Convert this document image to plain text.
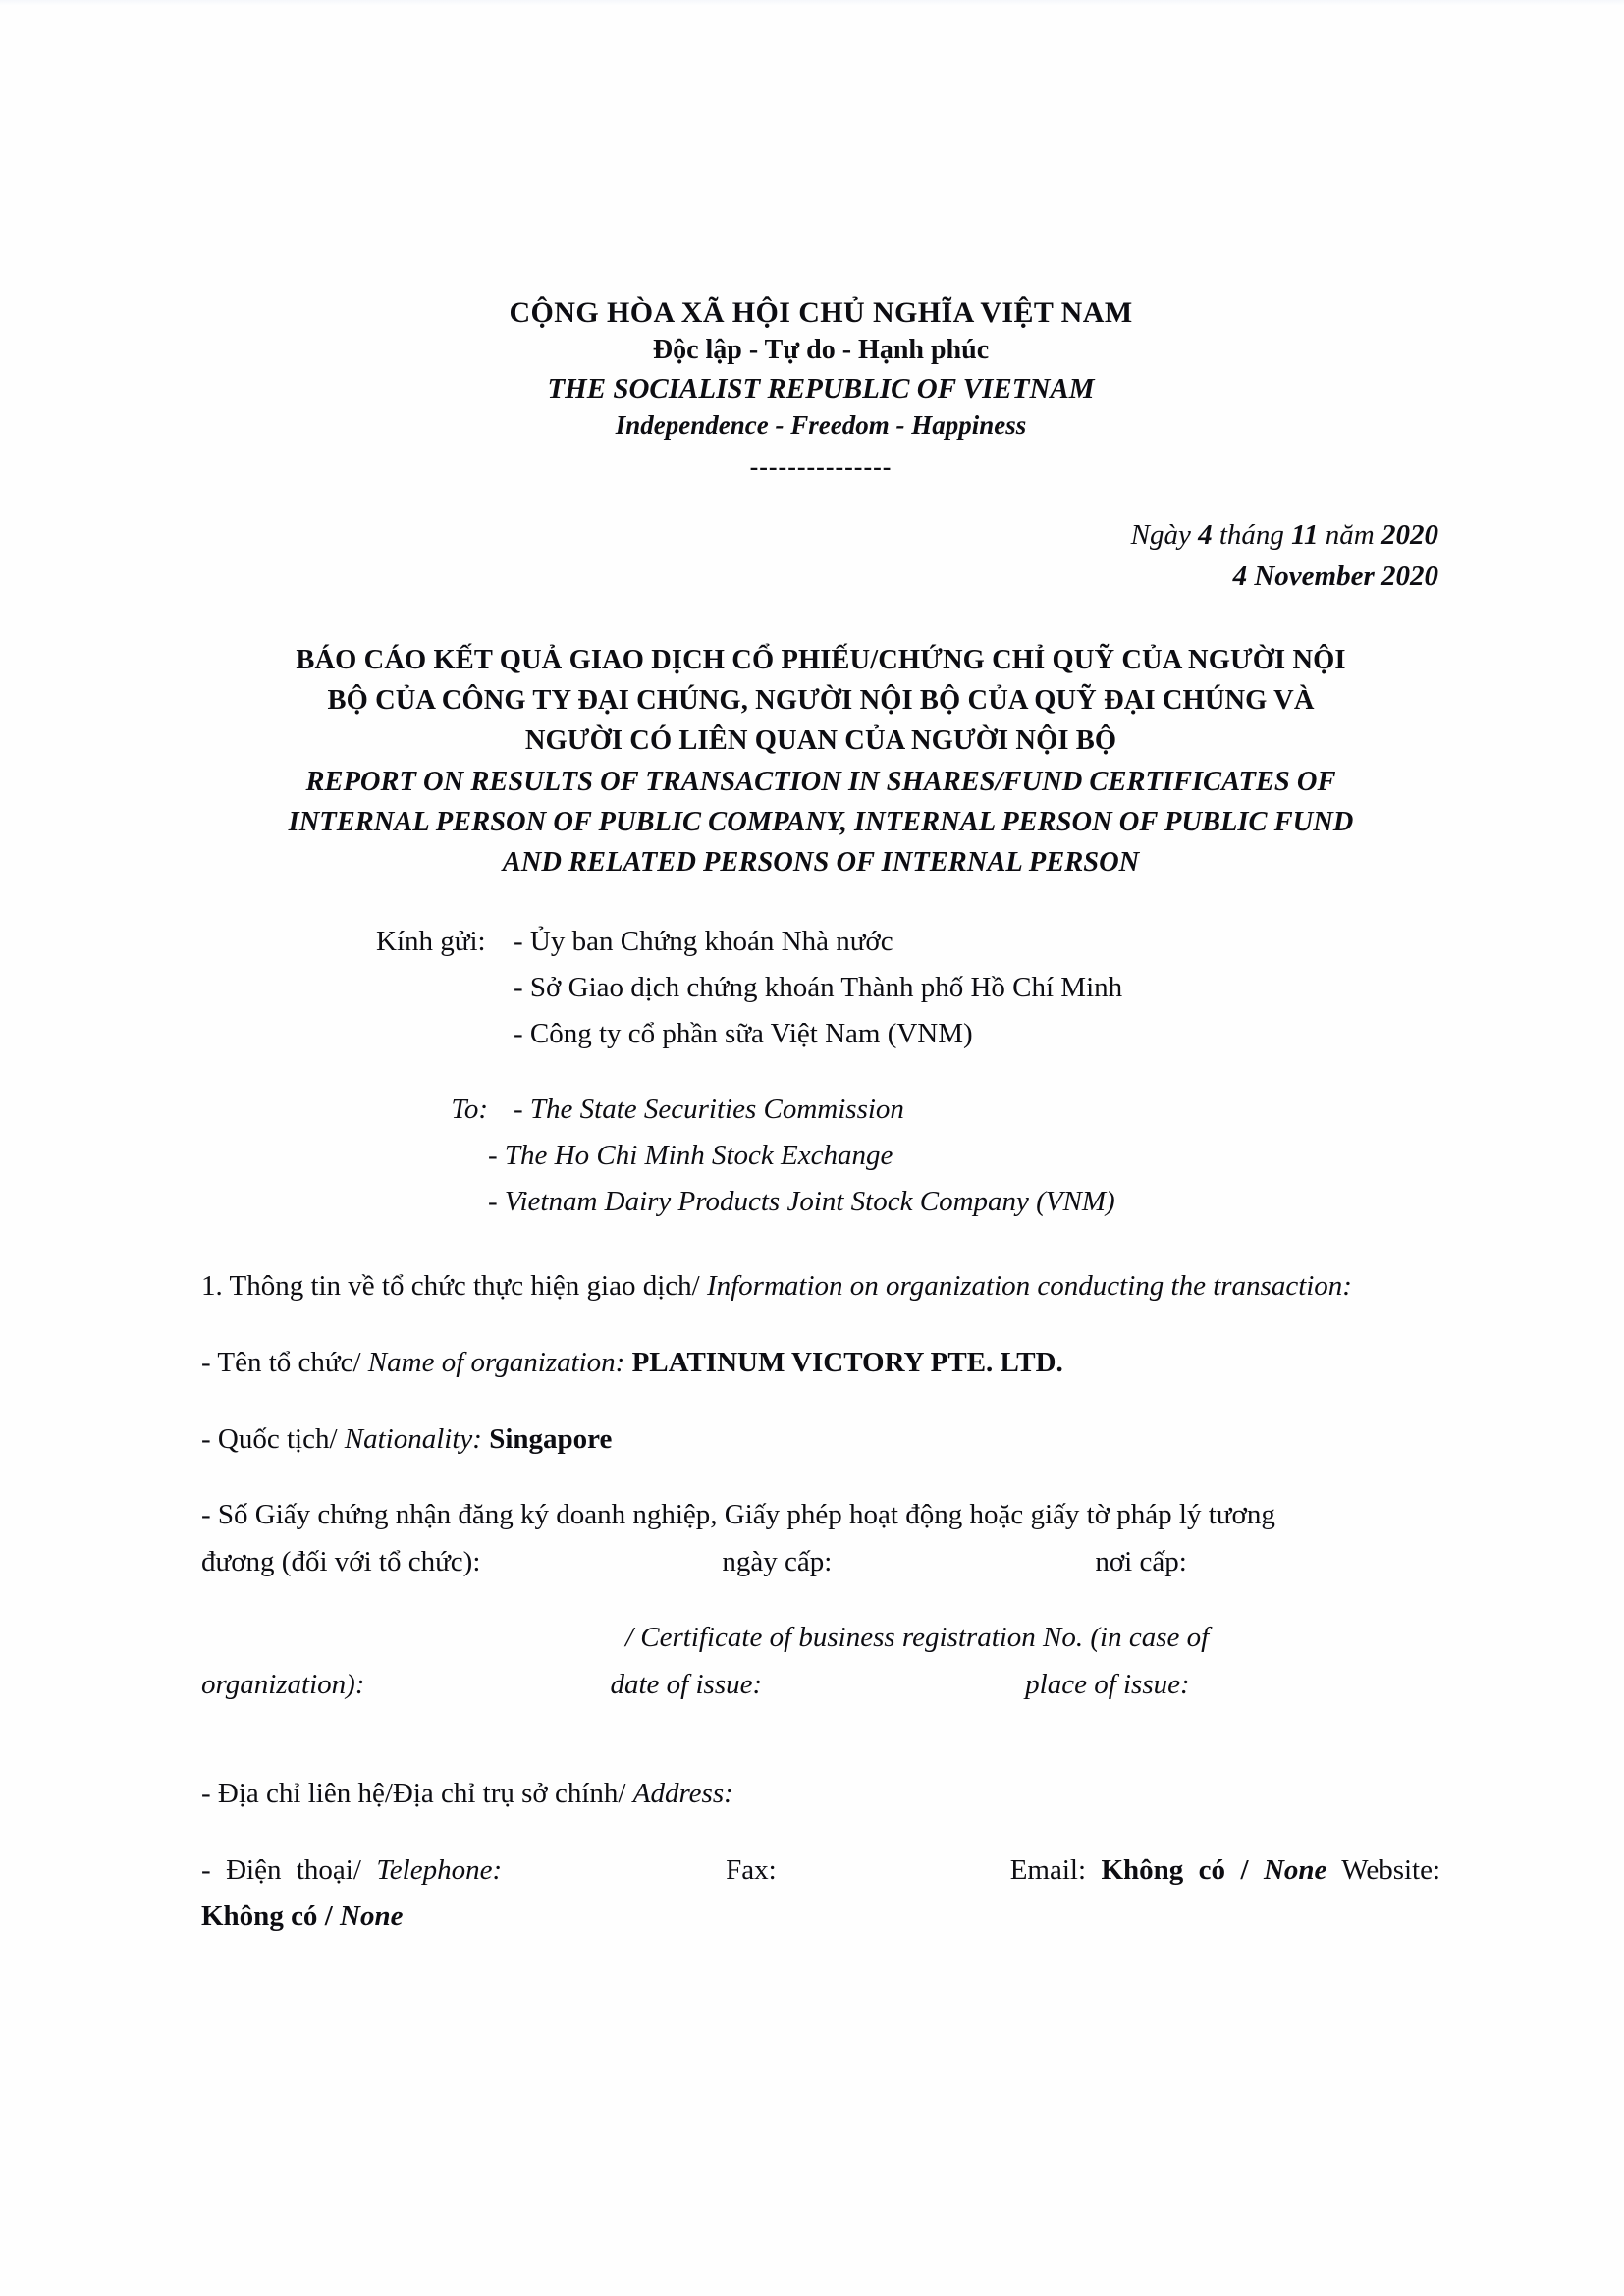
CỘNG HÒA XÃ HỘI CHỦ NGHĨA VIỆT NAM
Độc lập - Tự do - Hạnh phúc
THE SOCIALIST REPUBLIC OF VIETNAM
Independence - Freedom - Happiness
---------------
Ngày 4 tháng 11 năm 2020
4 November 2020
BÁO CÁO KẾT QUẢ GIAO DỊCH CỔ PHIẾU/CHỨNG CHỈ QUỸ CỦA NGƯỜI NỘI
BỘ CỦA CÔNG TY ĐẠI CHÚNG, NGƯỜI NỘI BỘ CỦA QUỸ ĐẠI CHÚNG VÀ
NGƯỜI CÓ LIÊN QUAN CỦA NGƯỜI NỘI BỘ
REPORT ON RESULTS OF TRANSACTION IN SHARES/FUND CERTIFICATES OF
INTERNAL PERSON OF PUBLIC COMPANY, INTERNAL PERSON OF PUBLIC FUND
AND RELATED PERSONS OF INTERNAL PERSON
Kính gửi: - Ủy ban Chứng khoán Nhà nước
- Sở Giao dịch chứng khoán Thành phố Hồ Chí Minh
- Công ty cổ phần sữa Việt Nam (VNM)
To: - The State Securities Commission
- The Ho Chi Minh Stock Exchange
- Vietnam Dairy Products Joint Stock Company (VNM)

1. Thông tin về tổ chức thực hiện giao dịch/ Information on organization conducting the transaction:

- Tên tổ chức/ Name of organization: PLATINUM VICTORY PTE. LTD.

- Quốc tịch/ Nationality: Singapore

- Số Giấy chứng nhận đăng ký doanh nghiệp, Giấy phép hoạt động hoặc giấy tờ pháp lý tương
đương (đối với tổ chức):	ngày cấp:	nơi cấp:

/ Certificate of business registration No. (in case of
organization):	date of issue:	place of issue:

- Địa chỉ liên hệ/Địa chỉ trụ sở chính/ Address:

- Điện thoại/ Telephone:	Fax:	Email: Không có / None Website: Không có / None
